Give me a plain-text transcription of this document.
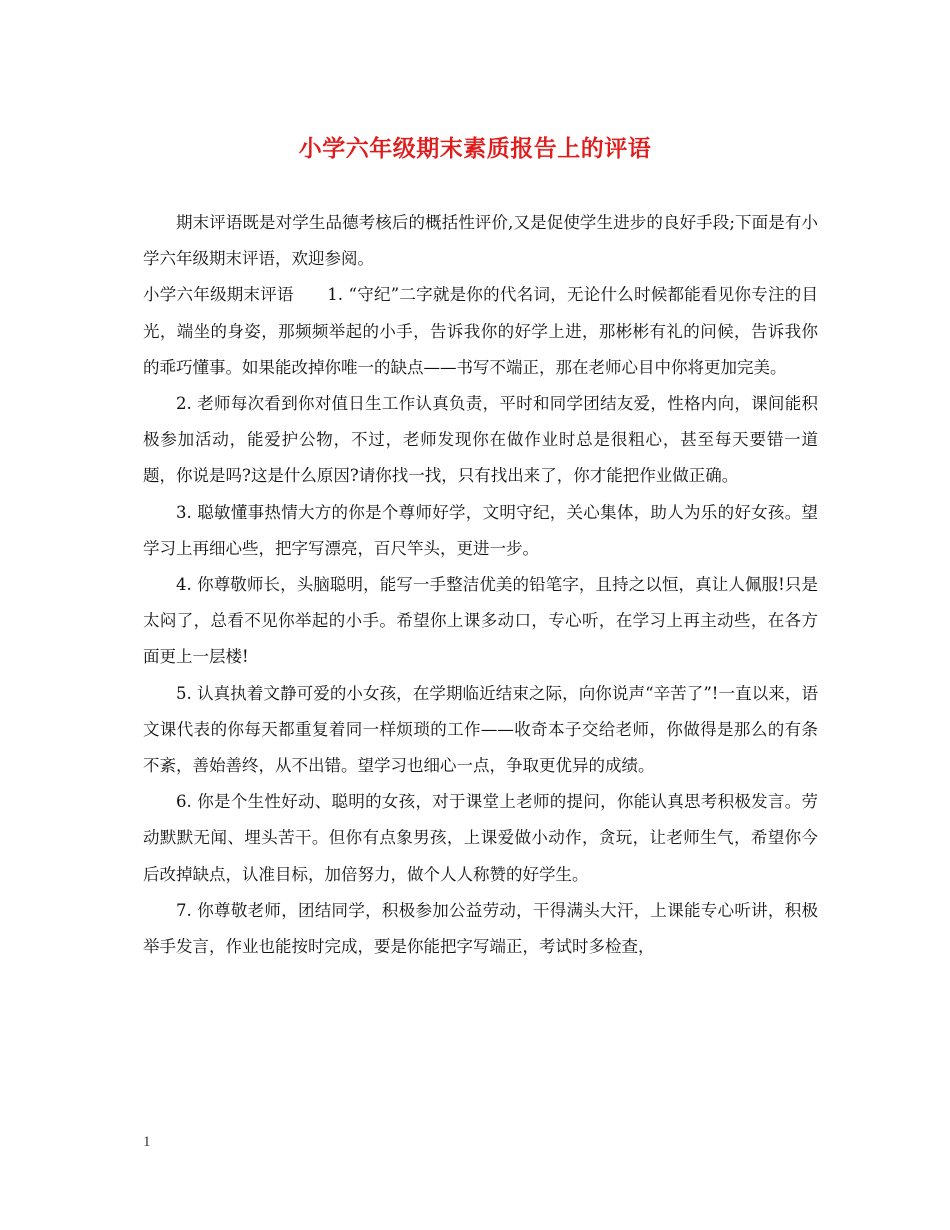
小学六年级期末素质报告上的评语

期末评语既是对学生品德考核后的概括性评价,又是促使学生进步的良好手段;下面是有小学六年级期末评语，欢迎参阅。

小学六年级期末评语　　1. “守纪”二字就是你的代名词，无论什么时候都能看见你专注的目光，端坐的身姿，那频频举起的小手，告诉我你的好学上进，那彬彬有礼的问候，告诉我你的乖巧懂事。如果能改掉你唯一的缺点——书写不端正，那在老师心目中你将更加完美。

2. 老师每次看到你对值日生工作认真负责，平时和同学团结友爱，性格内向，课间能积极参加活动，能爱护公物，不过，老师发现你在做作业时总是很粗心，甚至每天要错一道题，你说是吗?这是什么原因?请你找一找，只有找出来了，你才能把作业做正确。

3. 聪敏懂事热情大方的你是个尊师好学，文明守纪，关心集体，助人为乐的好女孩。望学习上再细心些，把字写漂亮，百尺竿头，更进一步。

4. 你尊敬师长，头脑聪明，能写一手整洁优美的铅笔字，且持之以恒，真让人佩服!只是太闷了，总看不见你举起的小手。希望你上课多动口，专心听，在学习上再主动些，在各方面更上一层楼!

5. 认真执着文静可爱的小女孩，在学期临近结束之际，向你说声“辛苦了”!一直以来，语文课代表的你每天都重复着同一样烦琐的工作——收奇本子交给老师，你做得是那么的有条不紊，善始善终，从不出错。望学习也细心一点，争取更优异的成绩。

6. 你是个生性好动、聪明的女孩，对于课堂上老师的提问，你能认真思考积极发言。劳动默默无闻、埋头苦干。但你有点象男孩，上课爱做小动作，贪玩，让老师生气，希望你今后改掉缺点，认准目标，加倍努力，做个人人称赞的好学生。

7. 你尊敬老师，团结同学，积极参加公益劳动，干得满头大汗，上课能专心听讲，积极举手发言，作业也能按时完成，要是你能把字写端正，考试时多检查，

1
